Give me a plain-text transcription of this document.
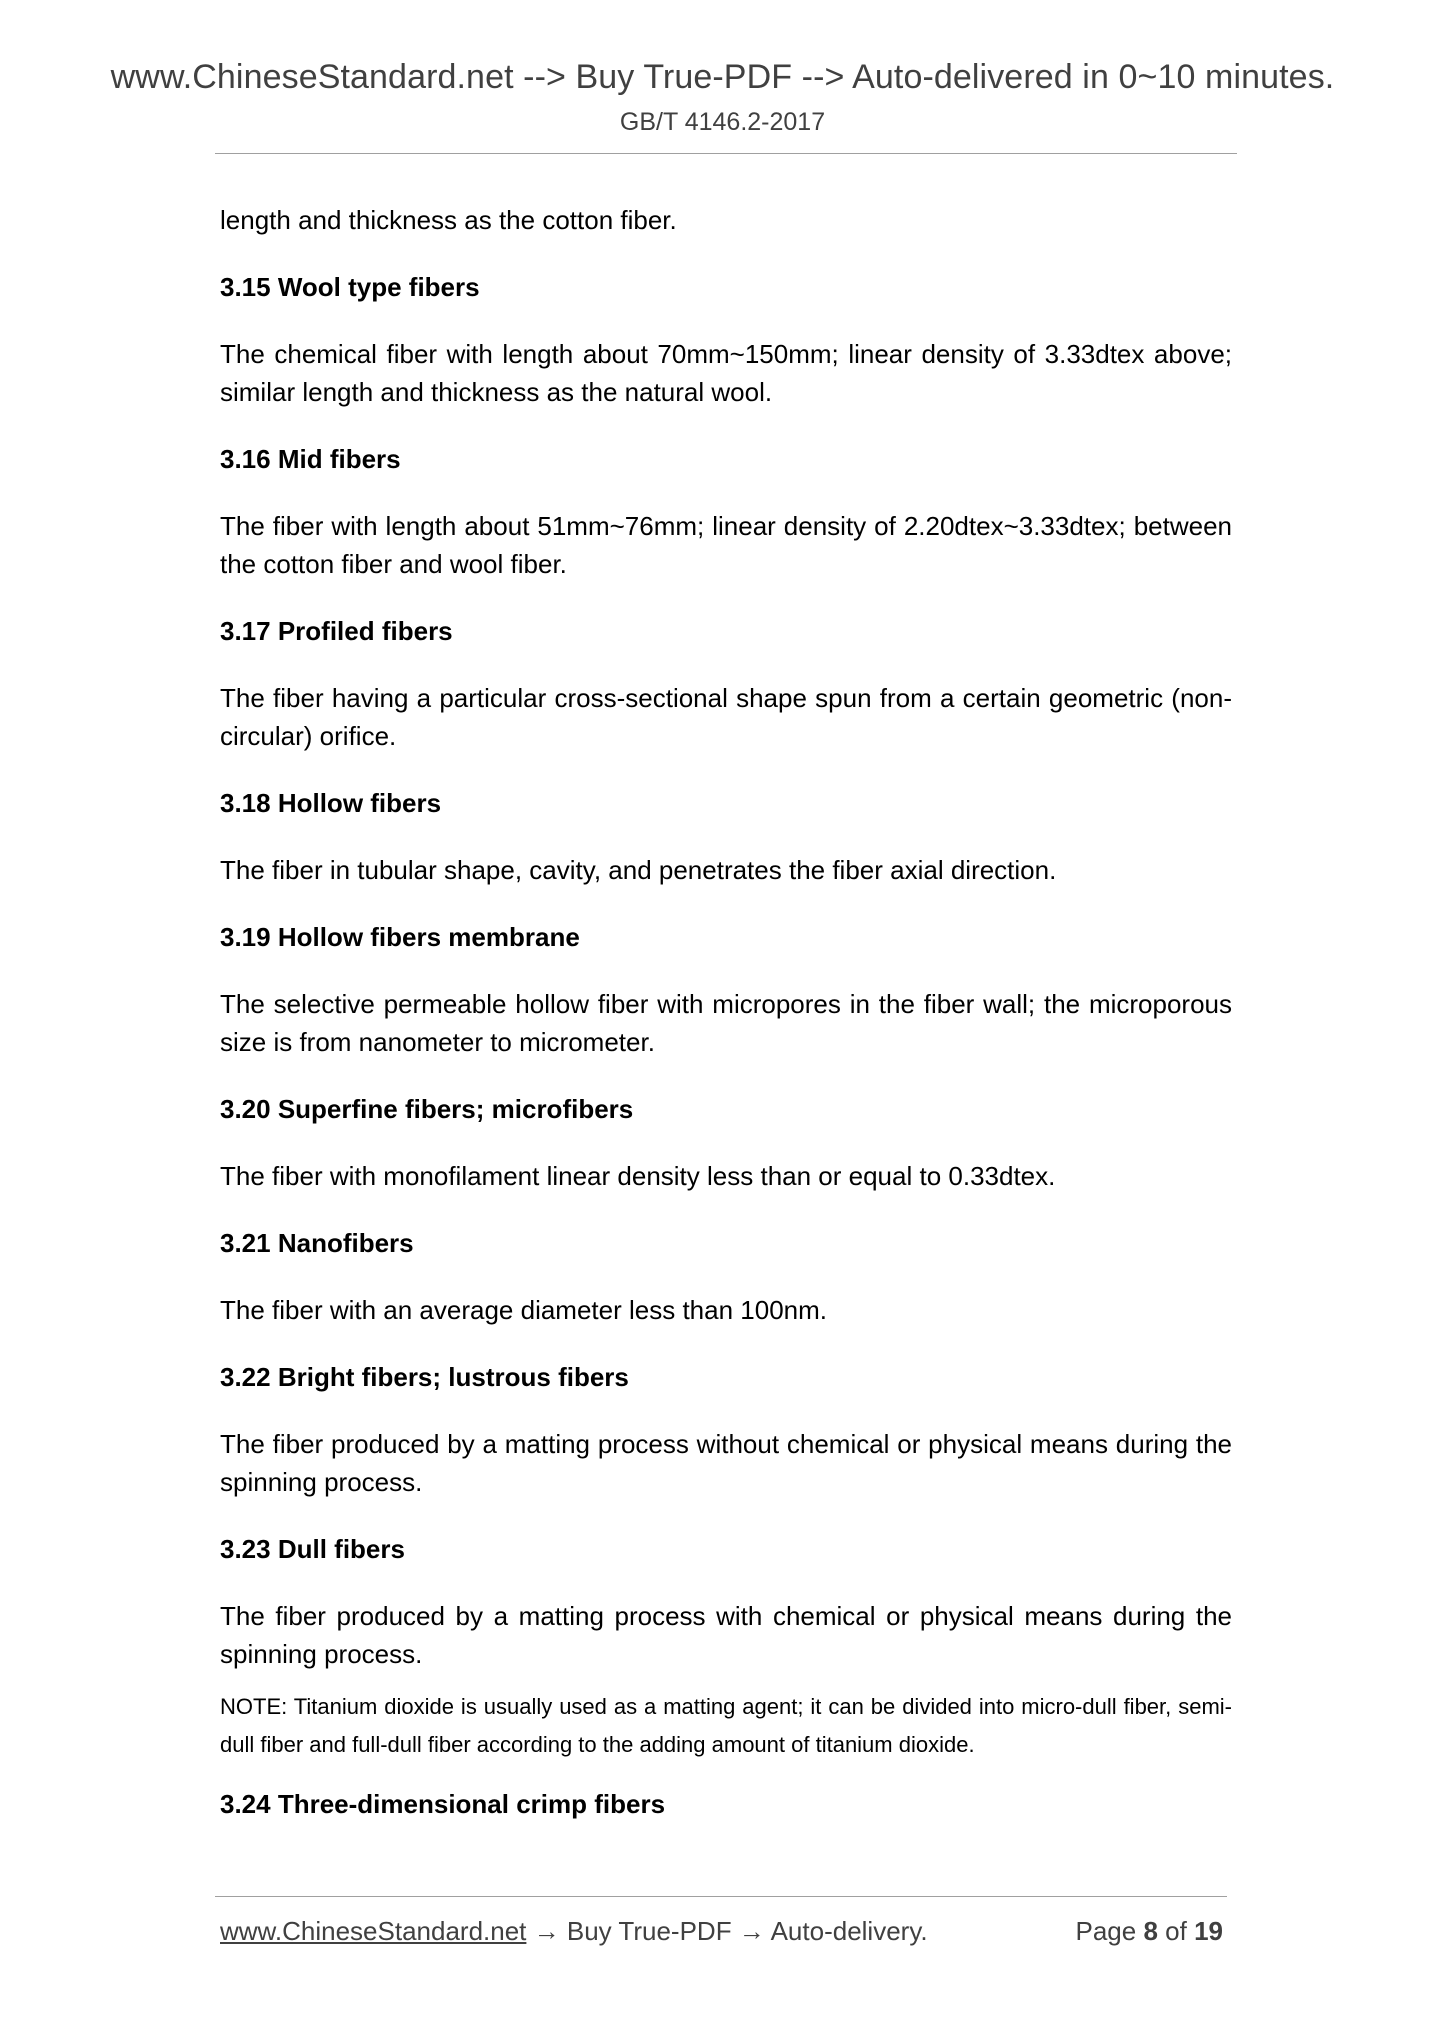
www.ChineseStandard.net --> Buy True-PDF --> Auto-delivered in 0~10 minutes.
GB/T 4146.2-2017

length and thickness as the cotton fiber.

3.15 Wool type fibers

The chemical fiber with length about 70mm~150mm; linear density of 3.33dtex above; similar length and thickness as the natural wool.

3.16 Mid fibers

The fiber with length about 51mm~76mm; linear density of 2.20dtex~3.33dtex; between the cotton fiber and wool fiber.

3.17 Profiled fibers

The fiber having a particular cross-sectional shape spun from a certain geometric (non-circular) orifice.

3.18 Hollow fibers

The fiber in tubular shape, cavity, and penetrates the fiber axial direction.

3.19 Hollow fibers membrane

The selective permeable hollow fiber with micropores in the fiber wall; the microporous size is from nanometer to micrometer.

3.20 Superfine fibers; microfibers

The fiber with monofilament linear density less than or equal to 0.33dtex.

3.21 Nanofibers

The fiber with an average diameter less than 100nm.

3.22 Bright fibers; lustrous fibers

The fiber produced by a matting process without chemical or physical means during the spinning process.

3.23 Dull fibers

The fiber produced by a matting process with chemical or physical means during the spinning process.

NOTE: Titanium dioxide is usually used as a matting agent; it can be divided into micro-dull fiber, semi-dull fiber and full-dull fiber according to the adding amount of titanium dioxide.

3.24 Three-dimensional crimp fibers

www.ChineseStandard.net → Buy True-PDF → Auto-delivery.	Page 8 of 19
